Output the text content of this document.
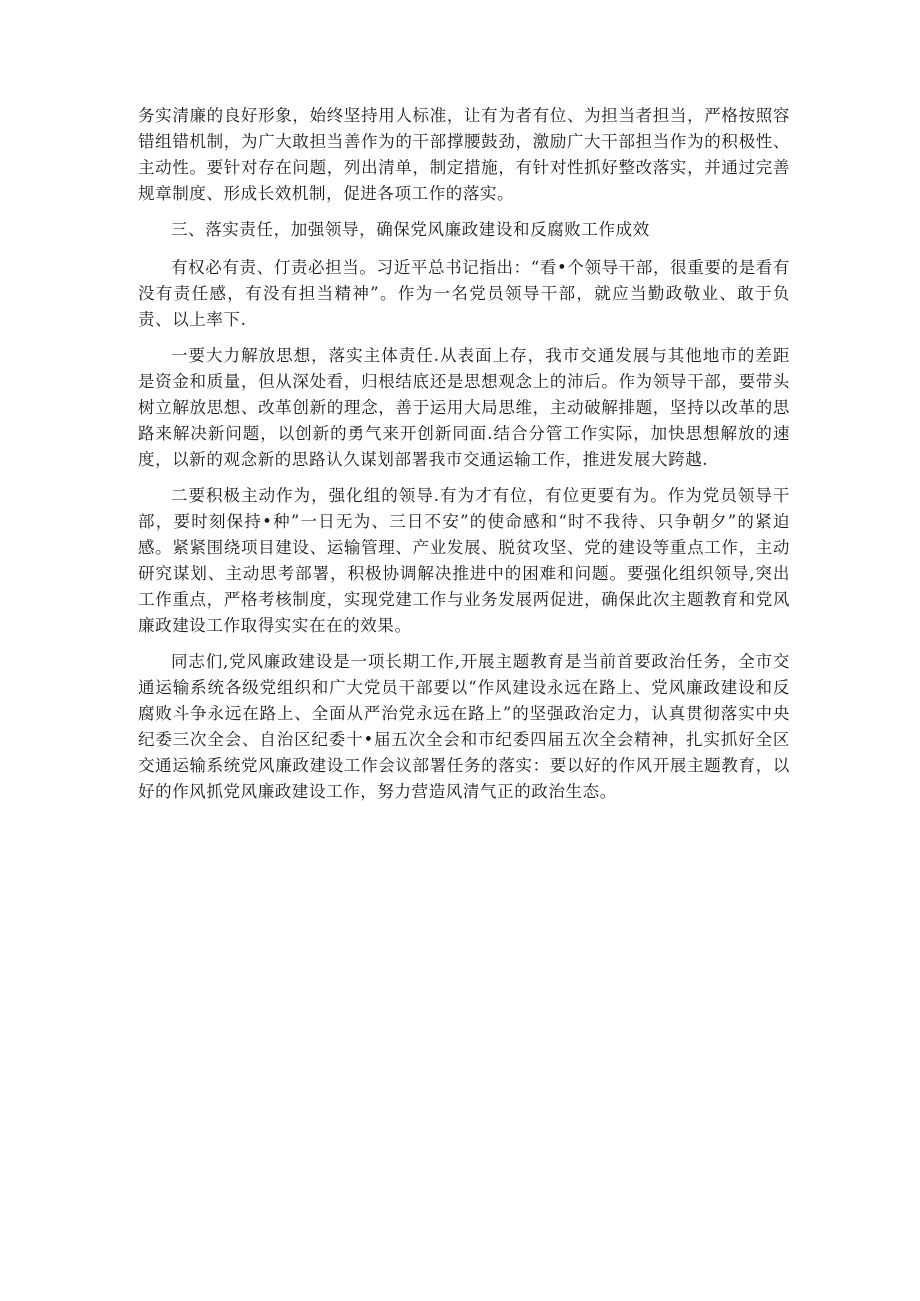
务实清廉的良好形象，始终坚持用人标准，让有为者有位、为担当者担当，严格按照容错组错机制，为广大敢担当善作为的干部撑腰鼓劲，激励广大干部担当作为的积极性、主动性。要针对存在问题，列出清单，制定措施，有针对性抓好整改落实，并通过完善规章制度、形成长效机制，促进各项工作的落实。

三、落实责任，加强领导，确保党风廉政建设和反腐败工作成效

有权必有责、仃责必担当。习近平总书记指出：“看•个领导干部，很重要的是看有没有责任感，有没有担当精神”。作为一名党员领导干部，就应当勤政敬业、敢于负责、以上率下.

一要大力解放思想，落实主体责任.从表面上存，我市交通发展与其他地市的差距是资金和质量，但从深处看，归根结底还是思想观念上的沛后。作为领导干部，要带头树立解放思想、改革创新的理念，善于运用大局思维，主动破解排题，坚持以改革的思路来解决新问题，以创新的勇气来开创新同面.结合分管工作实际，加快思想解放的速度，以新的观念新的思路认久谋划部署我市交通运输工作，推进发展大跨越.

二要积极主动作为，强化组的领导.有为才有位，有位更要有为。作为党员领导干部，要时刻保持•种”一日无为、三日不安”的使命感和“时不我待、只争朝夕”的紧迫感。紧紧围绕项目建设、运输管理、产业发展、脱贫攻坚、党的建设等重点工作，主动研究谋划、主动思考部署，积极协调解决推进中的困难和问题。要强化组织领导,突出工作重点，严格考核制度，实现党建工作与业务发展两促进，确保此次主题教育和党风廉政建设工作取得实实在在的效果。

同志们,党风廉政建设是一项长期工作,开展主题教育是当前首要政治任务，全市交通运输系统各级党组织和广大党员干部要以“作风建设永远在路上、党风廉政建设和反腐败斗争永远在路上、全面从严治党永远在路上”的坚强政治定力，认真贯彻落实中央纪委三次全会、自治区纪委十•届五次全会和市纪委四届五次全会精神，扎实抓好全区交通运输系统党风廉政建设工作会议部署任务的落实：要以好的作风开展主题教育，以好的作风抓党风廉政建设工作，努力营造风清气正的政治生态。
